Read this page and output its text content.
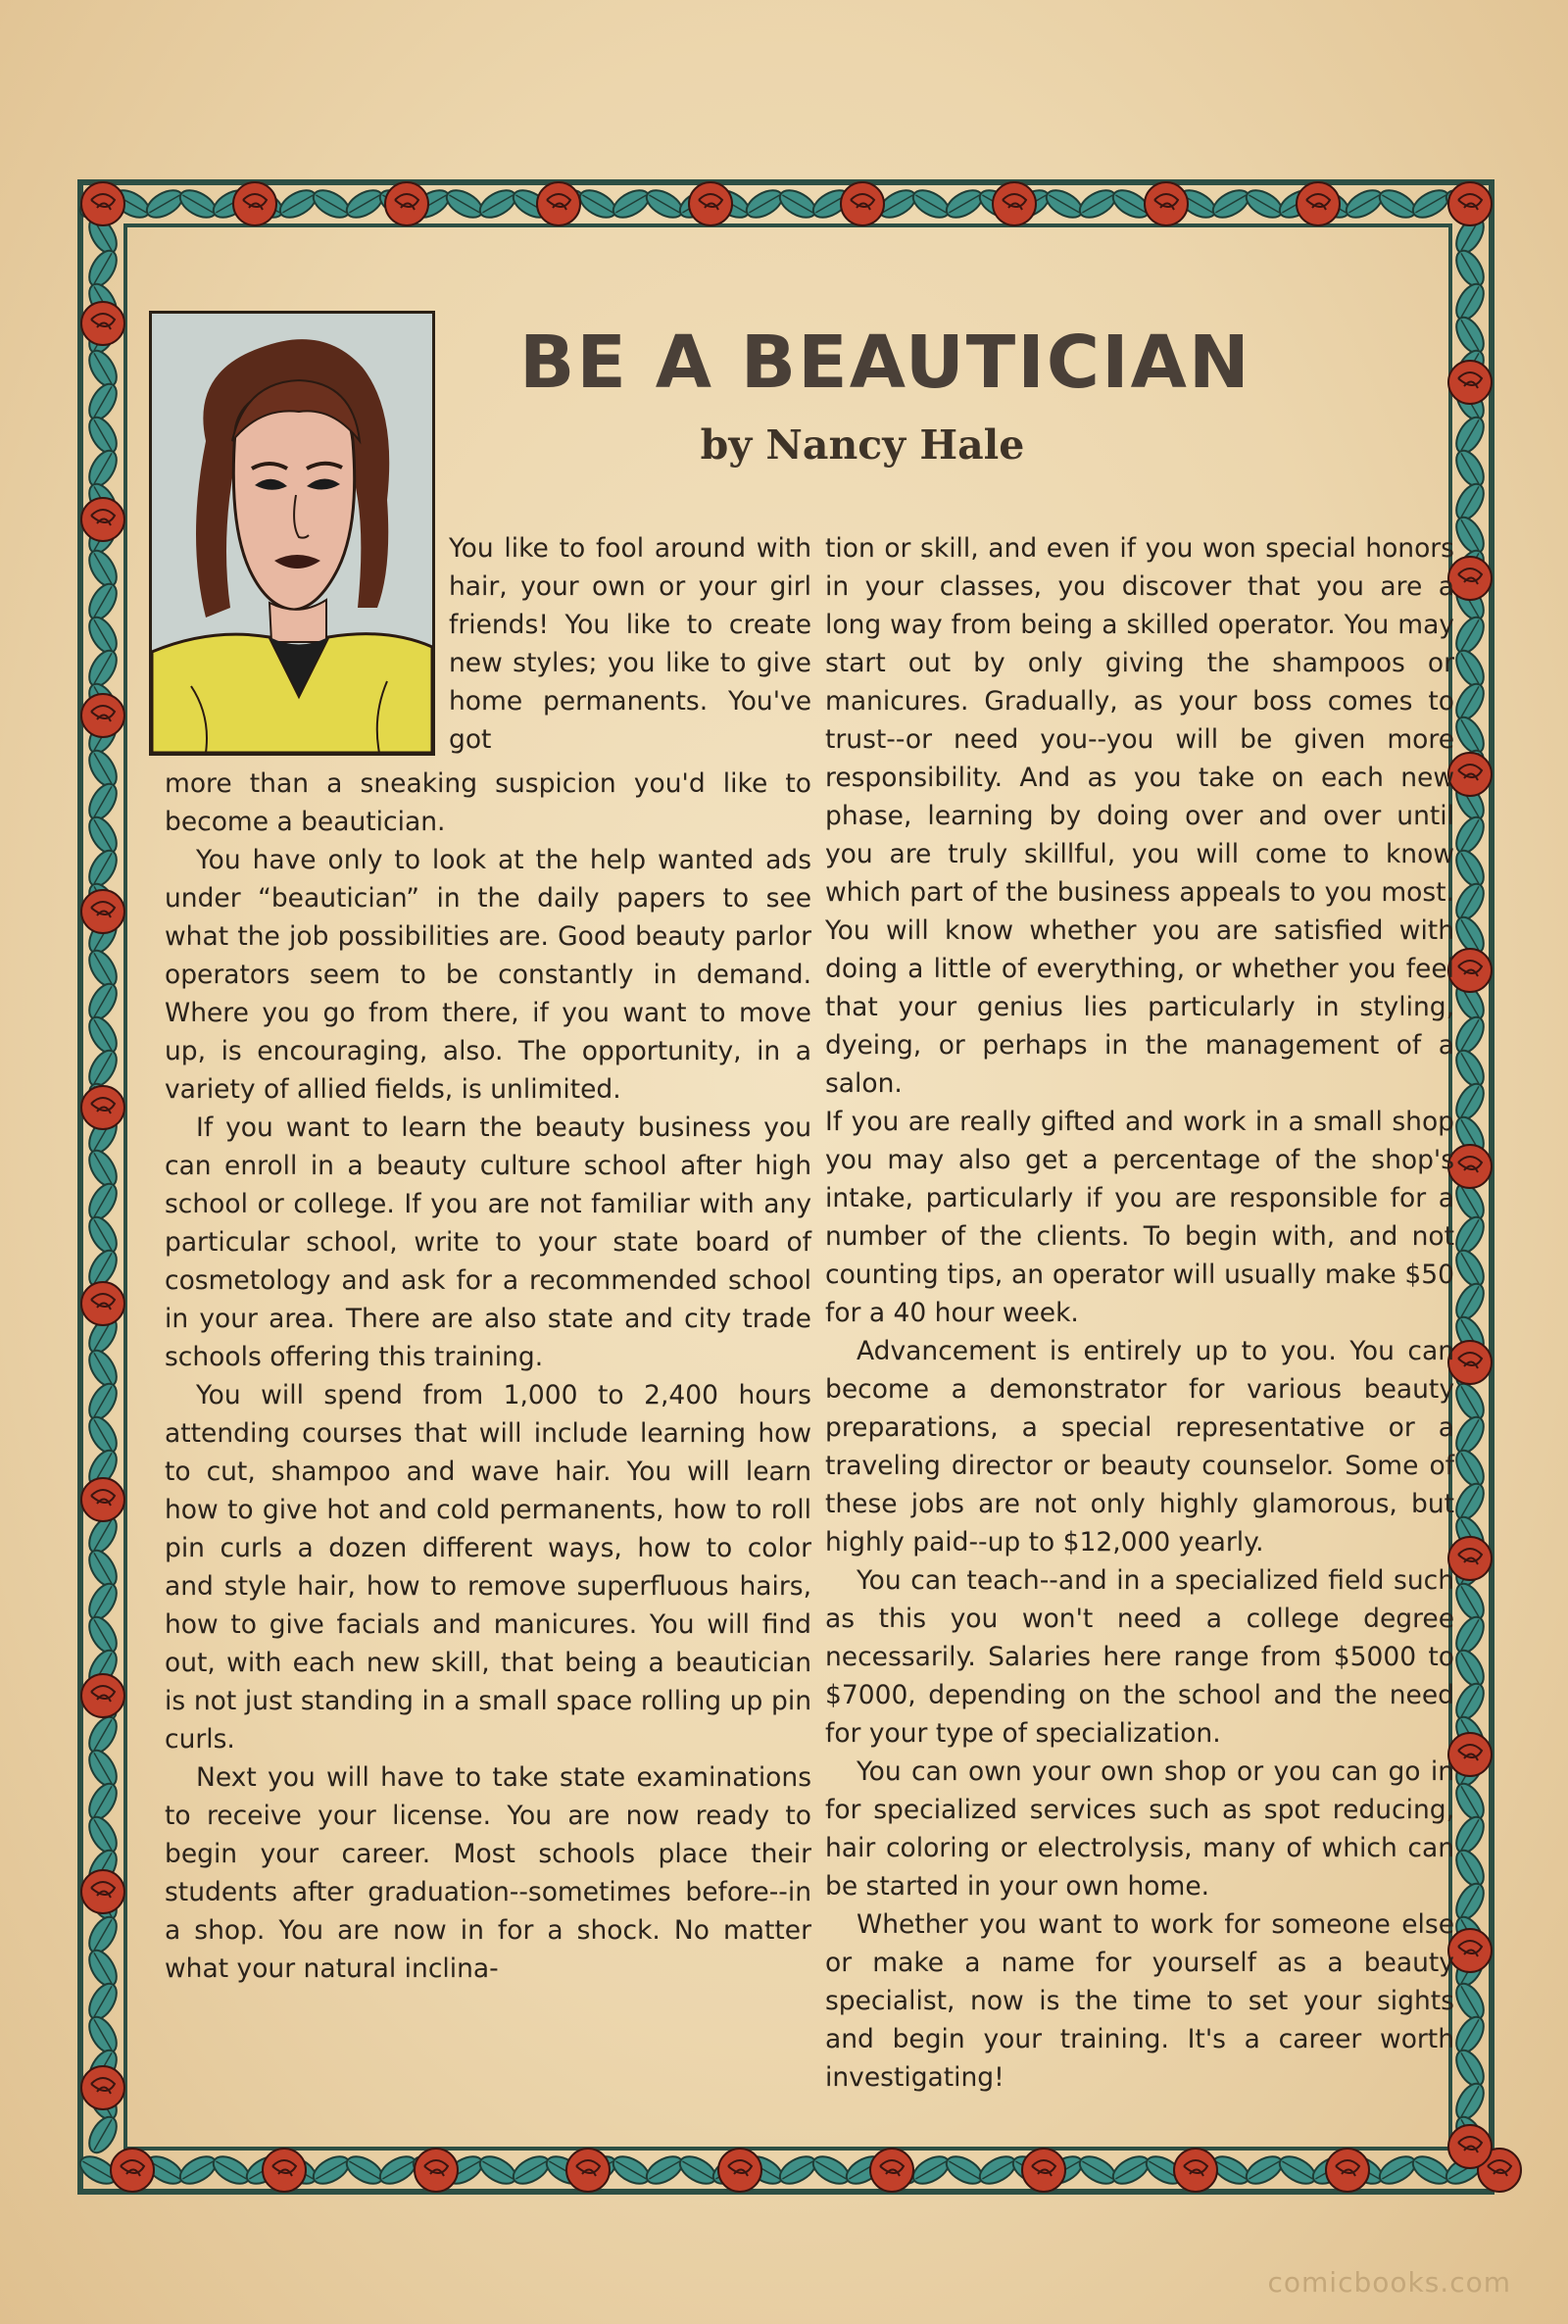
BE A BEAUTICIAN
by Nancy Hale

You like to fool around with hair, your own or your girl friends! You like to create new styles; you like to give home permanents. You've got

more than a sneaking suspicion you'd like to become a beautician.

You have only to look at the help wanted ads under “beautician” in the daily papers to see what the job possibilities are. Good beauty parlor operators seem to be constantly in demand. Where you go from there, if you want to move up, is encouraging, also. The opportunity, in a variety of allied fields, is unlimited.

If you want to learn the beauty business you can enroll in a beauty culture school after high school or college. If you are not familiar with any particular school, write to your state board of cosmetology and ask for a recommended school in your area. There are also state and city trade schools offering this training.

You will spend from 1,000 to 2,400 hours attending courses that will include learning how to cut, shampoo and wave hair. You will learn how to give hot and cold permanents, how to roll pin curls a dozen different ways, how to color and style hair, how to remove superfluous hairs, how to give facials and manicures. You will find out, with each new skill, that being a beautician is not just standing in a small space rolling up pin curls.

Next you will have to take state examinations to receive your license. You are now ready to begin your career. Most schools place their students after graduation--sometimes before--in a shop. You are now in for a shock. No matter what your natural inclina-

tion or skill, and even if you won special honors in your classes, you discover that you are a long way from being a skilled operator. You may start out by only giving the shampoos or manicures. Gradually, as your boss comes to trust--or need you--you will be given more responsibility. And as you take on each new phase, learning by doing over and over until you are truly skillful, you will come to know which part of the business appeals to you most. You will know whether you are satisfied with doing a little of everything, or whether you feel that your genius lies particularly in styling, dyeing, or perhaps in the management of a salon.

If you are really gifted and work in a small shop you may also get a percentage of the shop's intake, particularly if you are responsible for a number of the clients. To begin with, and not counting tips, an operator will usually make $50 for a 40 hour week.

Advancement is entirely up to you. You can become a demonstrator for various beauty preparations, a special representative or a traveling director or beauty counselor. Some of these jobs are not only highly glamorous, but highly paid--up to $12,000 yearly.

You can teach--and in a specialized field such as this you won't need a college degree necessarily. Salaries here range from $5000 to $7000, depending on the school and the need for your type of specialization.

You can own your own shop or you can go in for specialized services such as spot reducing, hair coloring or electrolysis, many of which can be started in your own home.

Whether you want to work for someone else or make a name for yourself as a beauty specialist, now is the time to set your sights and begin your training. It's a career worth investigating!

comicbooks.com
